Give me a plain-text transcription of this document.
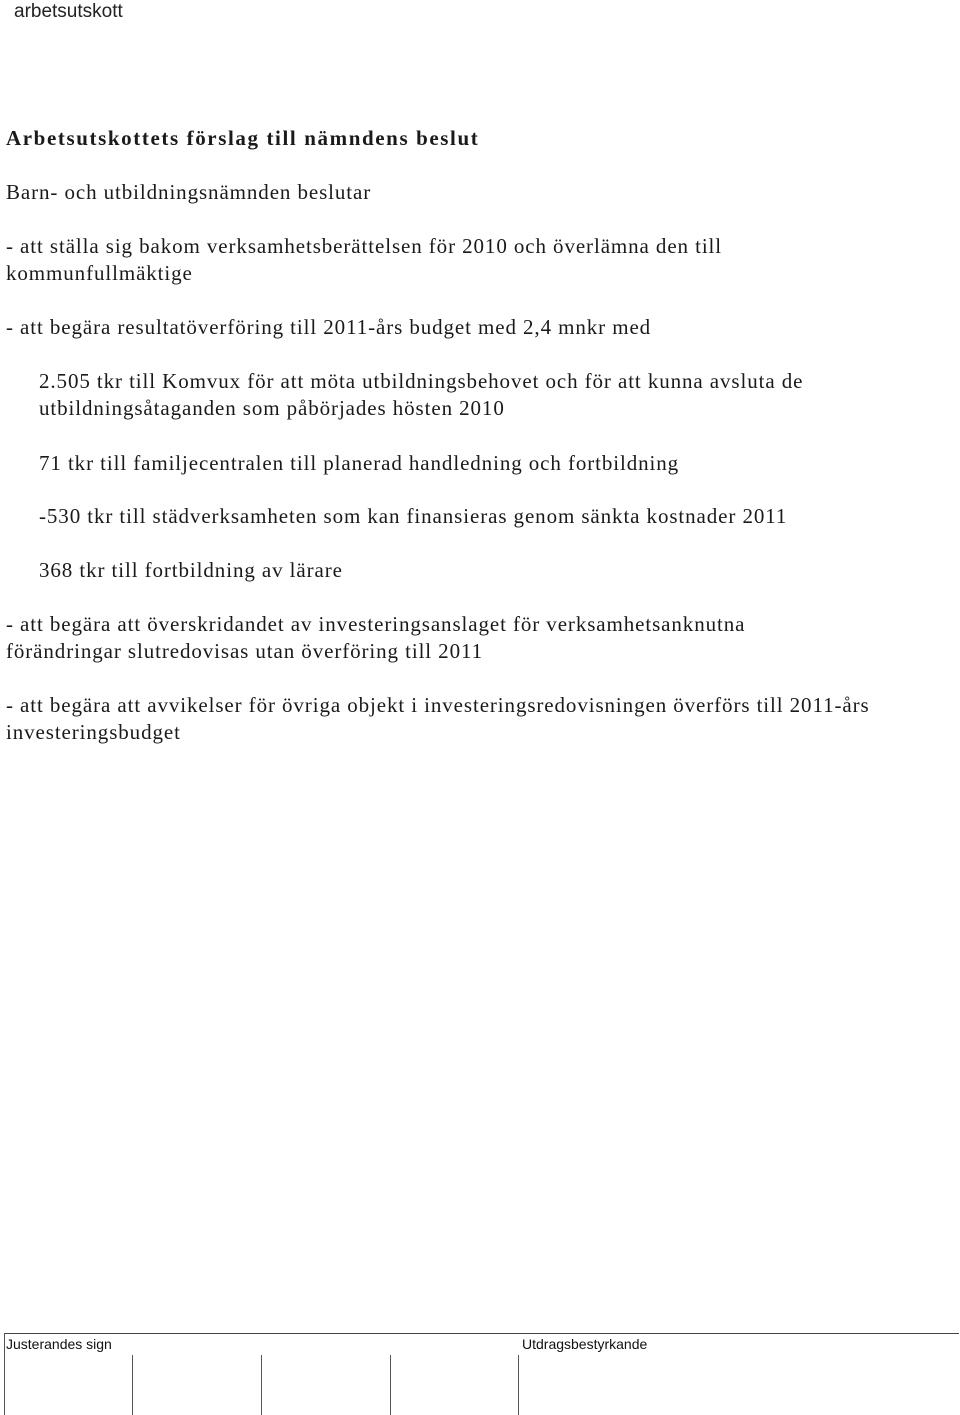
arbetsutskott
Arbetsutskottets förslag till nämndens beslut
Barn- och utbildningsnämnden beslutar
- att ställa sig bakom verksamhetsberättelsen för 2010 och överlämna den till
kommunfullmäktige
- att begära resultatöverföring till 2011-års budget med 2,4 mnkr med
2.505 tkr till Komvux för att möta utbildningsbehovet och för att kunna avsluta de
utbildningsåtaganden som påbörjades hösten 2010
71 tkr till familjecentralen till planerad handledning och fortbildning
-530 tkr till städverksamheten som kan finansieras genom sänkta kostnader 2011
368 tkr till fortbildning av lärare
- att begära att överskridandet av investeringsanslaget för verksamhetsanknutna
förändringar slutredovisas utan överföring till 2011
- att begära att avvikelser för övriga objekt i investeringsredovisningen överförs till 2011-års
investeringsbudget
Justerandes sign	Utdragsbestyrkande
